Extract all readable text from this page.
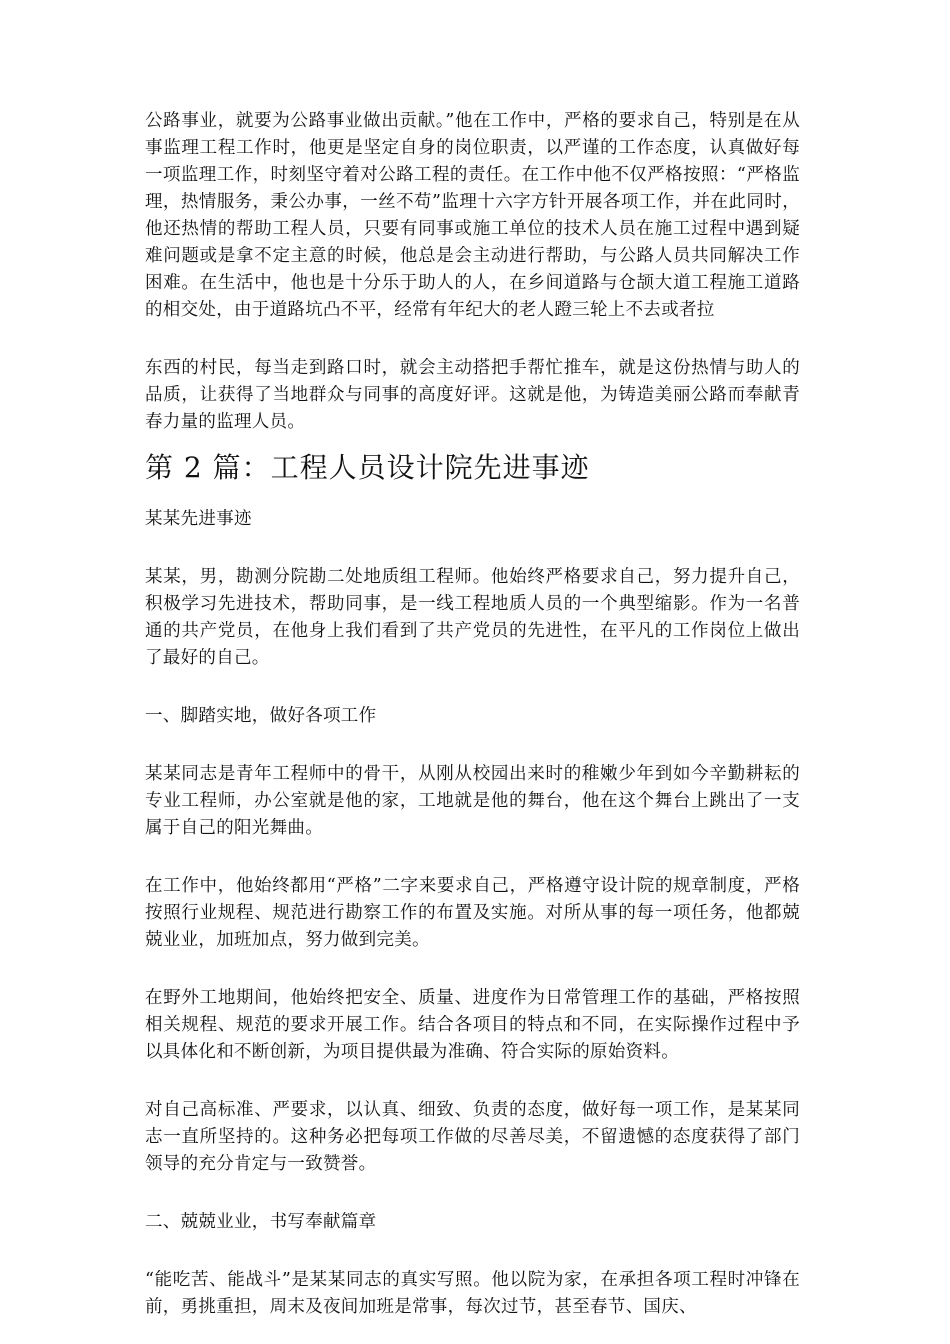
公路事业，就要为公路事业做出贡献。”他在工作中，严格的要求自己，特别是在从事监理工程工作时，他更是坚定自身的岗位职责，以严谨的工作态度，认真做好每一项监理工作，时刻坚守着对公路工程的责任。在工作中他不仅严格按照：“严格监理，热情服务，秉公办事，一丝不苟”监理十六字方针开展各项工作，并在此同时，他还热情的帮助工程人员，只要有同事或施工单位的技术人员在施工过程中遇到疑难问题或是拿不定主意的时候，他总是会主动进行帮助，与公路人员共同解决工作困难。在生活中，他也是十分乐于助人的人，在乡间道路与仓颉大道工程施工道路的相交处，由于道路坑凸不平，经常有年纪大的老人蹬三轮上不去或者拉

东西的村民，每当走到路口时，就会主动搭把手帮忙推车，就是这份热情与助人的品质，让获得了当地群众与同事的高度好评。这就是他，为铸造美丽公路而奉献青春力量的监理人员。

第 2 篇：工程人员设计院先进事迹

某某先进事迹

某某，男，勘测分院勘二处地质组工程师。他始终严格要求自己，努力提升自己，积极学习先进技术，帮助同事，是一线工程地质人员的一个典型缩影。作为一名普通的共产党员，在他身上我们看到了共产党员的先进性，在平凡的工作岗位上做出了最好的自己。

一、脚踏实地，做好各项工作

某某同志是青年工程师中的骨干，从刚从校园出来时的稚嫩少年到如今辛勤耕耘的专业工程师，办公室就是他的家，工地就是他的舞台，他在这个舞台上跳出了一支属于自己的阳光舞曲。

在工作中，他始终都用“严格”二字来要求自己，严格遵守设计院的规章制度，严格按照行业规程、规范进行勘察工作的布置及实施。对所从事的每一项任务，他都兢兢业业，加班加点，努力做到完美。

在野外工地期间，他始终把安全、质量、进度作为日常管理工作的基础，严格按照相关规程、规范的要求开展工作。结合各项目的特点和不同，在实际操作过程中予以具体化和不断创新，为项目提供最为准确、符合实际的原始资料。

对自己高标准、严要求，以认真、细致、负责的态度，做好每一项工作，是某某同志一直所坚持的。这种务必把每项工作做的尽善尽美，不留遗憾的态度获得了部门领导的充分肯定与一致赞誉。

二、兢兢业业，书写奉献篇章

“能吃苦、能战斗”是某某同志的真实写照。他以院为家，在承担各项工程时冲锋在前，勇挑重担，周末及夜间加班是常事，每次过节，甚至春节、国庆、
